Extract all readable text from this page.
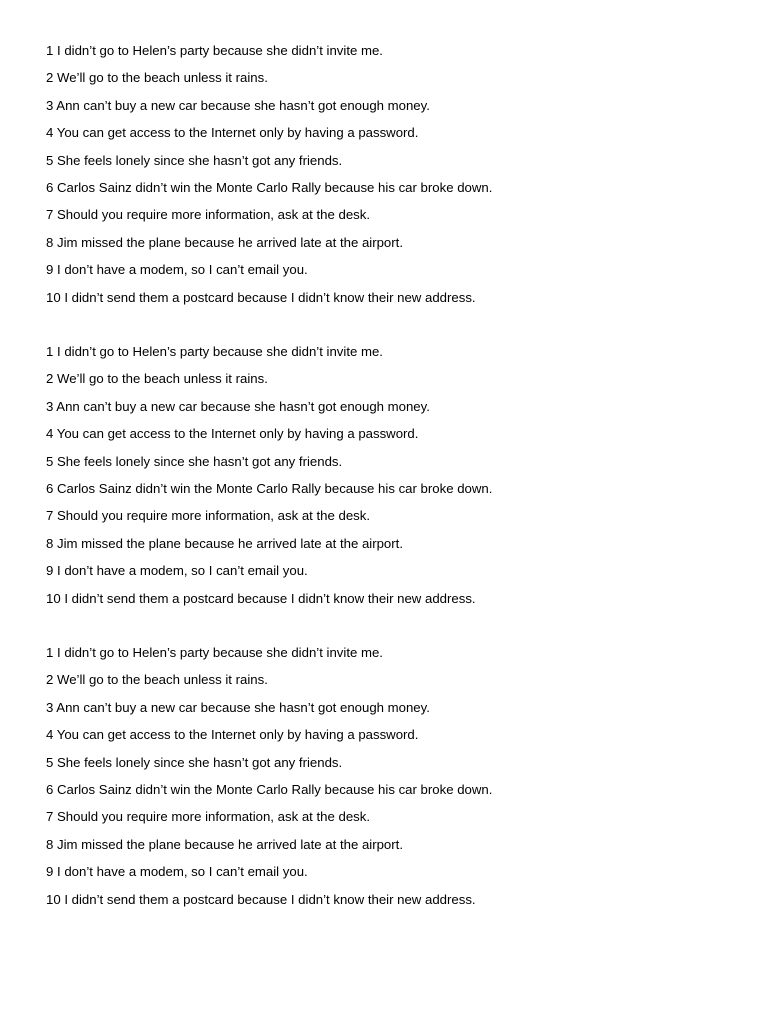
1 I didn’t go to Helen’s party because she didn’t invite me.
2 We’ll go to the beach unless it rains.
3 Ann can’t buy a new car because she hasn’t got enough money.
4 You can get access to the Internet only by having a password.
5 She feels lonely since she hasn’t got any friends.
6 Carlos Sainz didn’t win the Monte Carlo Rally because his car broke down.
7 Should you require more information, ask at the desk.
8 Jim missed the plane because he arrived late at the airport.
9 I don’t have a modem, so I can’t email you.
10 I didn’t send them a postcard because I didn’t know their new address.
1 I didn’t go to Helen’s party because she didn’t invite me.
2 We’ll go to the beach unless it rains.
3 Ann can’t buy a new car because she hasn’t got enough money.
4 You can get access to the Internet only by having a password.
5 She feels lonely since she hasn’t got any friends.
6 Carlos Sainz didn’t win the Monte Carlo Rally because his car broke down.
7 Should you require more information, ask at the desk.
8 Jim missed the plane because he arrived late at the airport.
9 I don’t have a modem, so I can’t email you.
10 I didn’t send them a postcard because I didn’t know their new address.
1 I didn’t go to Helen’s party because she didn’t invite me.
2 We’ll go to the beach unless it rains.
3 Ann can’t buy a new car because she hasn’t got enough money.
4 You can get access to the Internet only by having a password.
5 She feels lonely since she hasn’t got any friends.
6 Carlos Sainz didn’t win the Monte Carlo Rally because his car broke down.
7 Should you require more information, ask at the desk.
8 Jim missed the plane because he arrived late at the airport.
9 I don’t have a modem, so I can’t email you.
10 I didn’t send them a postcard because I didn’t know their new address.
